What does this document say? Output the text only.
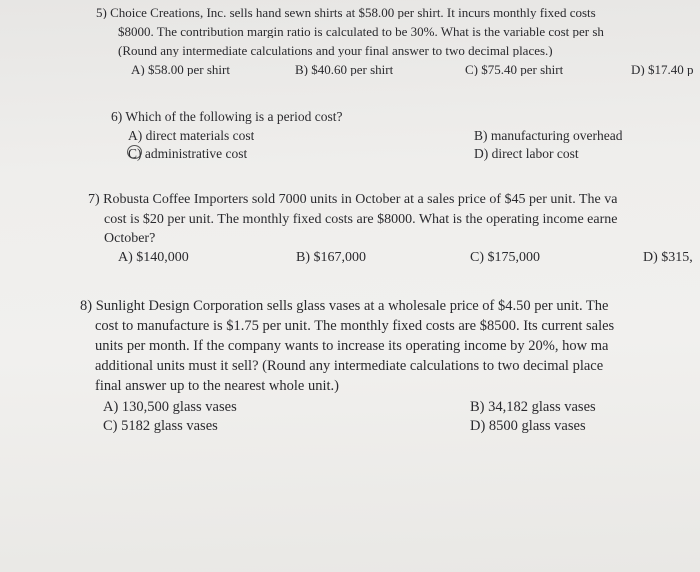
5) Choice Creations, Inc. sells hand sewn shirts at $58.00 per shirt. It incurs monthly fixed costs
$8000. The contribution margin ratio is calculated to be 30%. What is the variable cost per sh
(Round any intermediate calculations and your final answer to two decimal places.)
A) $58.00 per shirt	B) $40.60 per shirt	C) $75.40 per shirt	D) $17.40 p
6) Which of the following is a period cost?
A) direct materials cost	B) manufacturing overhead
C) administrative cost	D) direct labor cost
7) Robusta Coffee Importers sold 7000 units in October at a sales price of $45 per unit. The va
cost is $20 per unit. The monthly fixed costs are $8000. What is the operating income earne
October?
A) $140,000	B) $167,000	C) $175,000	D) $315,
8) Sunlight Design Corporation sells glass vases at a wholesale price of $4.50 per unit. The
cost to manufacture is $1.75 per unit. The monthly fixed costs are $8500. Its current sales
units per month. If the company wants to increase its operating income by 20%, how ma
additional units must it sell? (Round any intermediate calculations to two decimal place
final answer up to the nearest whole unit.)
A) 130,500 glass vases	B) 34,182 glass vases
C) 5182 glass vases	D) 8500 glass vases
